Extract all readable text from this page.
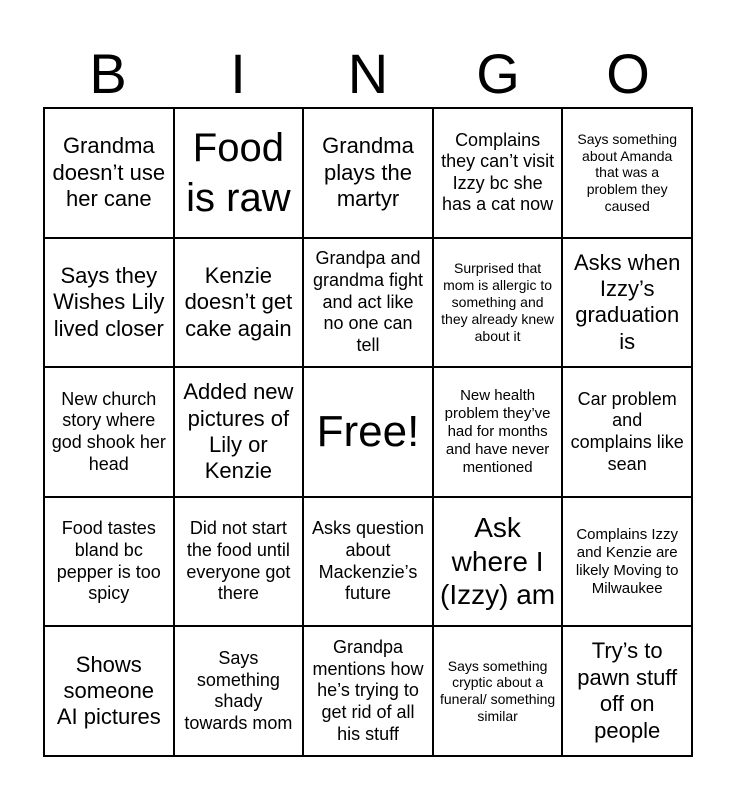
B	I	N	G	O
Grandma doesn’t use her cane
Food is raw
Grandma plays the martyr
Complains they can’t visit Izzy bc she has a cat now
Says something about Amanda that was a problem they caused
Says they Wishes Lily lived closer
Kenzie doesn’t get cake again
Grandpa and grandma fight and act like no one can tell
Surprised that mom is allergic to something and they already knew about it
Asks when Izzy’s graduation is
New church story where god shook her head
Added new pictures of Lily or Kenzie
Free!
New health problem they’ve had for months and have never mentioned
Car problem and complains like sean
Food tastes bland bc pepper is too spicy
Did not start the food until everyone got there
Asks question about Mackenzie’s future
Ask where I (Izzy) am
Complains Izzy and Kenzie are likely Moving to Milwaukee
Shows someone AI pictures
Says something shady towards mom
Grandpa mentions how he’s trying to get rid of all his stuff
Says something cryptic about a funeral/ something similar
Try’s to pawn stuff off on people
